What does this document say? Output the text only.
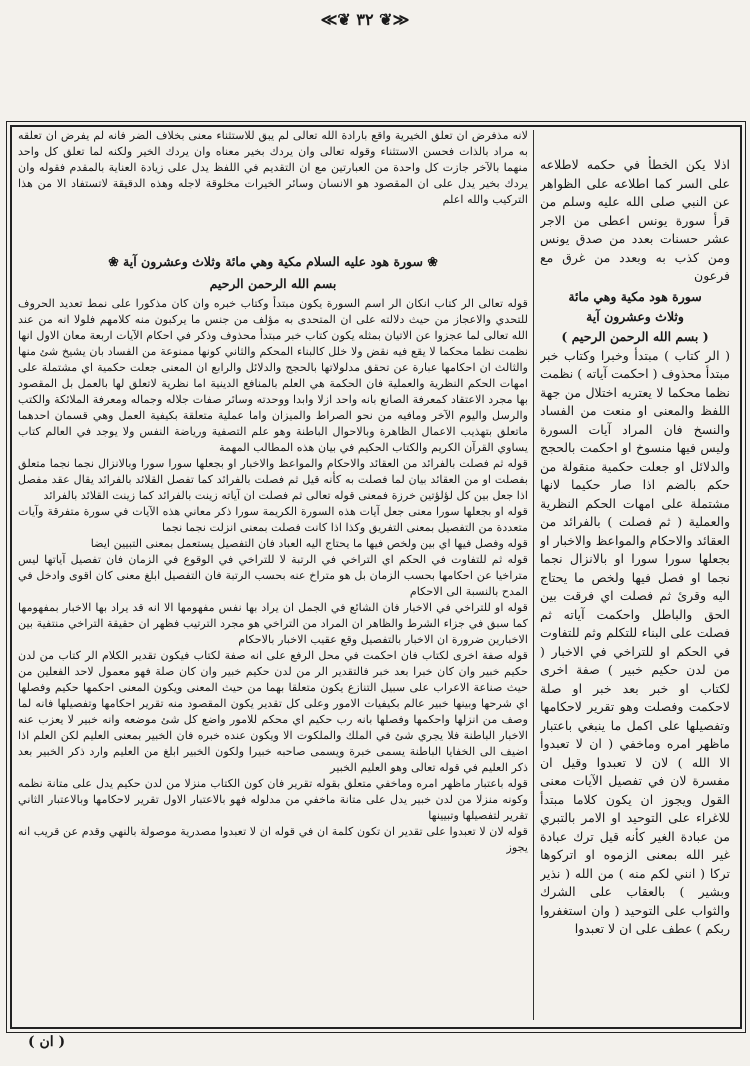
≪❦ ٣٢ ❦≫
لانه مذفرض ان تعلق الخيرية واقع بارادة الله تعالى لم يبق للاستثناء معنى بخلاف الضر فانه لم يفرض ان تعلقه به مراد بالذات فحسن الاستثناء وقوله تعالى وان يردك بخير معناه وان يردك الخير ولكنه لما تعلق كل واحد منهما بالآخر جازت كل واحدة من العبارتين مع ان التقديم في اللفظ يدل على زيادة العناية بالمقدم فقوله وان يردك بخير يدل على ان المقصود هو الانسان وسائر الخيرات مخلوقة لاجله وهذه الدقيقة لاتستفاد الا من هذا التركيب والله اعلم
❀ سورة هود عليه السلام مكية وهي مائة وثلاث وعشرون آية ❀
بسم الله الرحمن الرحيم

قوله تعالى الر كتاب انكان الر اسم السورة يكون مبتدأ وكتاب خبره وان كان مذكورا على نمط تعديد الحروف للتحدي والاعجاز من حيث دلالته على ان المتحدى به مؤلف من جنس ما يركبون منه كلامهم فلولا انه من عند الله تعالى لما عجزوا عن الاتيان بمثله يكون كتاب خبر مبتدأ محذوف وذكر في احكام الآيات اربعة معان الاول انها نظمت نظما محكما لا يقع فيه نقض ولا خلل كالبناء المحكم والثاني كونها ممنوعة من الفساد بان يشيخ شئ منها والثالث ان احكامها عبارة عن تحقق مدلولاتها بالحجج والدلائل والرابع ان المعنى جعلت حكمية اي مشتملة على امهات الحكم النظرية والعملية فان الحكمة هي العلم بالمنافع الدينية اما نظرية لاتعلق لها بالعمل بل المقصود بها مجرد الاعتقاد كمعرفة الصانع بانه واحد ازلا وابدا ووحدته وسائر صفات جلاله وجماله ومعرفة الملائكة والكتب والرسل واليوم الآخر ومافيه من نحو الصراط والميزان واما عملية متعلقة بكيفية العمل وهي قسمان احدهما ماتعلق بتهذيب الاعمال الظاهرة وبالاحوال الباطنة وهو علم التصفية ورياضة النفس ولا يوجد في العالم كتاب يساوي القرآن الكريم والكتاب الحكيم في بيان هذه المطالب المهمة

قوله ثم فصلت بالفرائد من العقائد والاحكام والمواعظ والاخبار او بجعلها سورا سورا وبالانزال نجما نجما متعلق بفصلت او من العقائد بيان لما فصلت به كأنه قيل ثم فصلت بالفرائد كما تفصل القلائد بالفرائد يقال عقد مفصل اذا جعل بين كل لؤلؤتين خرزة فمعنى قوله تعالى ثم فصلت ان آياته زينت بالفرائد كما زينت القلائد بالفرائد

قوله او بجعلها سورا معنى جعل آيات هذه السورة الكريمة سورا ذكر معاني هذه الآيات في سورة متفرقة وآيات متعددة من التفصيل بمعنى التفريق وكذا اذا كانت فصلت بمعنى انزلت نجما نجما

قوله وفصل فيها اي بين ولخص فيها ما يحتاج اليه العباد فان التفصيل يستعمل بمعنى التبيين ايضا

قوله ثم للتفاوت في الحكم اي التراخي في الرتبة لا للتراخي في الوقوع في الزمان فان تفصيل آياتها ليس متراخيا عن احكامها بحسب الزمان بل هو متراخ عنه بحسب الرتبة فان التفصيل ابلغ معنى كان اقوى وادخل في المدح بالنسبة الى الاحكام

قوله او للتراخي في الاخبار فان الشائع في الجمل ان يراد بها نفس مفهومها الا انه قد يراد بها الاخبار بمفهومها كما سبق في جزاء الشرط والظاهر ان المراد من التراخي هو مجرد الترتيب فظهر ان حقيقة التراخي منتفية بين الاخبارين ضرورة ان الاخبار بالتفصيل وقع عقيب الاخبار بالاحكام

قوله صفة اخرى لكتاب فان احكمت في محل الرفع على انه صفة لكتاب فيكون تقدير الكلام الر كتاب من لدن حكيم خبير وان كان خبرا بعد خبر فالتقدير الر من لدن حكيم خبير وان كان صلة فهو معمول لاحد الفعلين من حيث صناعة الاعراب على سبيل التنازع يكون متعلقا بهما من حيث المعنى ويكون المعنى احكمها حكيم وفصلها اي شرحها وبينها خبير عالم بكيفيات الامور وعلى كل تقدير يكون المقصود منه تقرير احكامها وتفصيلها فانه لما وصف من انزلها واحكمها وفصلها بانه رب حكيم اي محكم للامور واضع كل شئ موضعه وانه خبير لا يعزب عنه الاخبار الباطنة فلا يجري شئ في الملك والملكوت الا ويكون عنده خبره فان الخبير بمعنى العليم لكن العلم اذا اضيف الى الخفايا الباطنة يسمى خبرة ويسمى صاحبه خبيرا ولكون الخبير ابلغ من العليم وارد ذكر الخبير بعد ذكر العليم في قوله تعالى وهو العليم الخبير

قوله باعتبار ماظهر امره وماخفي متعلق بقوله تقرير فان كون الكتاب منزلا من لدن حكيم يدل على متانة نظمه وكونه منزلا من لدن خبير يدل على متانة ماخفي من مدلوله فهو بالاعتبار الاول تقرير لاحكامها وبالاعتبار الثاني تقرير لتفصيلها وتبيينها

قوله لان لا تعبدوا على تقدير ان تكون كلمة ان في قوله ان لا تعبدوا مصدرية موصولة بالنهي وقدم عن قريب انه يجوز

اذلا يكن الخطأ في حكمه لاطلاعه على السر كما اطلاعه على الظواهر عن النبي صلى الله عليه وسلم من قرأ سورة يونس اعطى من الاجر عشر حسنات بعدد من صدق يونس ومن كذب به وبعدد من غرق مع فرعون

سورة هود مكية وهي مائة
وثلاث وعشرون آية
( بسم الله الرحمن الرحيم )

( الر كتاب ) مبتدأ وخبرا وكتاب خبر مبتدأ محذوف ( احكمت آياته ) نظمت نظما محكما لا يعتريه اختلال من جهة اللفظ والمعنى او منعت من الفساد والنسخ فان المراد آيات السورة وليس فيها منسوخ او احكمت بالحجج والدلائل او جعلت حكمية منقولة من حكم بالضم اذا صار حكيما لانها مشتملة على امهات الحكم النظرية والعملية ( ثم فصلت ) بالفرائد من العقائد والاحكام والمواعظ والاخبار او بجعلها سورا سورا او بالانزال نجما نجما او فصل فيها ولخص ما يحتاج اليه وقرئ ثم فصلت اي فرقت بين الحق والباطل واحكمت آياته ثم فصلت على البناء للتكلم وثم للتفاوت في الحكم او للتراخي في الاخبار ( من لدن حكيم خبير ) صفة اخرى لكتاب او خبر بعد خبر او صلة لاحكمت وفصلت وهو تقرير لاحكامها وتفصيلها على اكمل ما ينبغي باعتبار ماظهر امره وماخفي ( ان لا تعبدوا الا الله ) لان لا تعبدوا وقيل ان مفسرة لان في تفصيل الآيات معنى القول ويجوز ان يكون كلاما مبتدأ للاغراء على التوحيد او الامر بالتبري من عبادة الغير كأنه قيل ترك عبادة غير الله بمعنى الزموه او اتركوها تركا ( انني لكم منه ) من الله ( نذير وبشير ) بالعقاب على الشرك والثواب على التوحيد ( وان استغفروا ربكم ) عطف على ان لا تعبدوا

( ان )
